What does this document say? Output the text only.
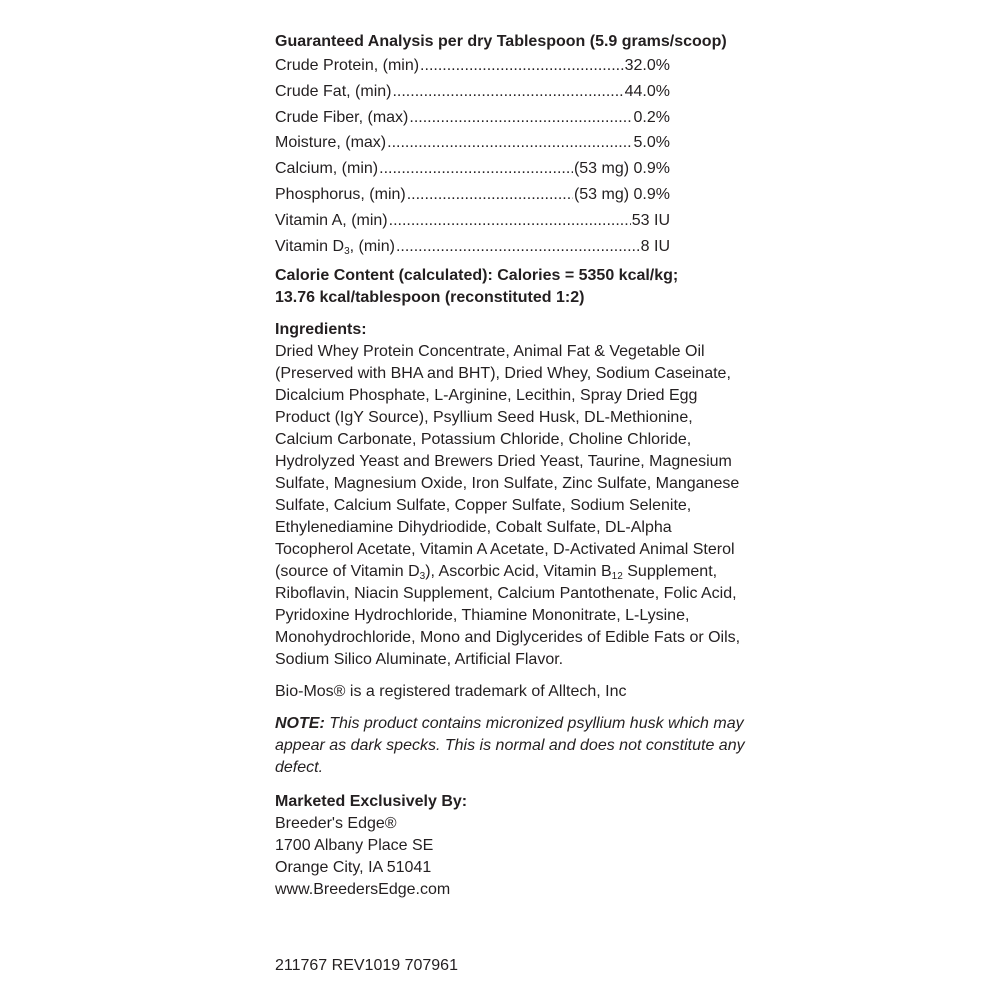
Guaranteed Analysis per dry Tablespoon (5.9 grams/scoop)
Crude Protein, (min) .....	32.0%
Crude Fat, (min) .....	44.0%
Crude Fiber, (max) .....	0.2%
Moisture, (max) .....	5.0%
Calcium, (min) .....	(53 mg) 0.9%
Phosphorus, (min) .....	(53 mg) 0.9%
Vitamin A, (min) .....	53 IU
Vitamin $D_3$, (min) .....	8 IU
Calorie Content (calculated): Calories = 5350 kcal/kg;
13.76 kcal/tablespoon (reconstituted 1:2)
Ingredients:

Dried Whey Protein Concentrate, Animal Fat & Vegetable Oil (Preserved with BHA and BHT), Dried Whey, Sodium Caseinate, Dicalcium Phosphate, L-Arginine, Lecithin, Spray Dried Egg Product (IgY Source), Psyllium Seed Husk, DL-Methionine, Calcium Carbonate, Potassium Chloride, Choline Chloride, Hydrolyzed Yeast and Brewers Dried Yeast, Taurine, Magnesium Sulfate, Magnesium Oxide, Iron Sulfate, Zinc Sulfate, Manganese Sulfate, Calcium Sulfate, Copper Sulfate, Sodium Selenite, Ethylenediamine Dihydriodide, Cobalt Sulfate, DL-Alpha Tocopherol Acetate, Vitamin A Acetate, D-Activated Animal Sterol (source of Vitamin $D_3$), Ascorbic Acid, Vitamin $B_{12}$ Supplement, Riboflavin, Niacin Supplement, Calcium Pantothenate, Folic Acid, Pyridoxine Hydrochloride, Thiamine Mononitrate, L-Lysine, Monohydrochloride, Mono and Diglycerides of Edible Fats or Oils, Sodium Silico Aluminate, Artificial Flavor.

Bio-Mos® is a registered trademark of Alltech, Inc
NOTE: This product contains micronized psyllium husk which may appear as dark specks. This is normal and does not constitute any defect.
Marketed Exclusively By:
Breeder's Edge®
1700 Albany Place SE
Orange City, IA 51041
www.BreedersEdge.com
211767 REV1019 707961
